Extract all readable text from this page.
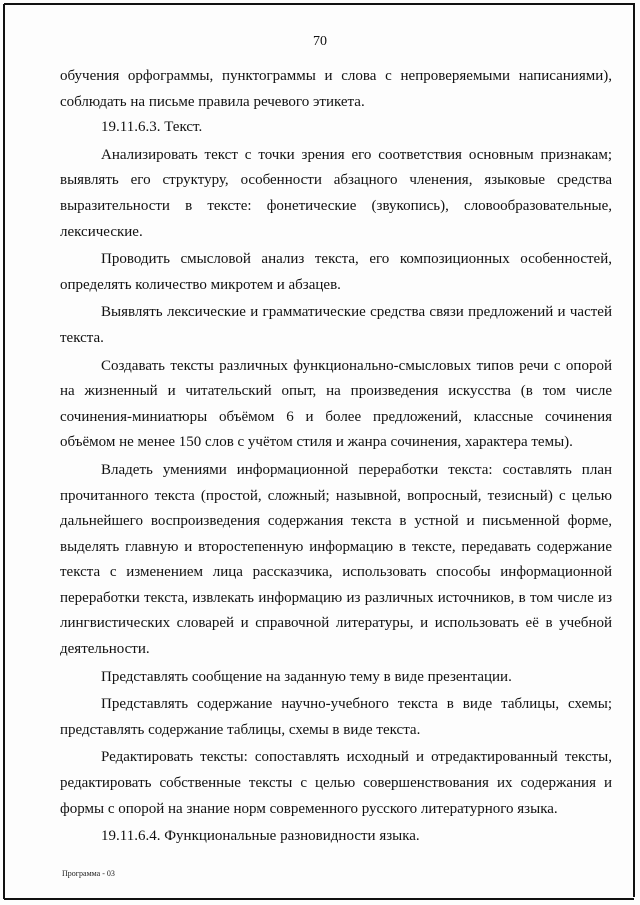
70

обучения орфограммы, пунктограммы и слова с непроверяемыми написаниями), соблюдать на письме правила речевого этикета.

19.11.6.3. Текст.

Анализировать текст с точки зрения его соответствия основным признакам; выявлять его структуру, особенности абзацного членения, языковые средства выразительности в тексте: фонетические (звукопись), словообразовательные, лексические.

Проводить смысловой анализ текста, его композиционных особенностей, определять количество микротем и абзацев.

Выявлять лексические и грамматические средства связи предложений и частей текста.

Создавать тексты различных функционально-смысловых типов речи с опорой на жизненный и читательский опыт, на произведения искусства (в том числе сочинения-миниатюры объёмом 6 и более предложений, классные сочинения объёмом не менее 150 слов с учётом стиля и жанра сочинения, характера темы).

Владеть умениями информационной переработки текста: составлять план прочитанного текста (простой, сложный; назывной, вопросный, тезисный) с целью дальнейшего воспроизведения содержания текста в устной и письменной форме, выделять главную и второстепенную информацию в тексте, передавать содержание текста с изменением лица рассказчика, использовать способы информационной переработки текста, извлекать информацию из различных источников, в том числе из лингвистических словарей и справочной литературы, и использовать её в учебной деятельности.

Представлять сообщение на заданную тему в виде презентации.

Представлять содержание научно-учебного текста в виде таблицы, схемы; представлять содержание таблицы, схемы в виде текста.

Редактировать тексты: сопоставлять исходный и отредактированный тексты, редактировать собственные тексты с целью совершенствования их содержания и формы с опорой на знание норм современного русского литературного языка.

19.11.6.4. Функциональные разновидности языка.

Программа - 03
